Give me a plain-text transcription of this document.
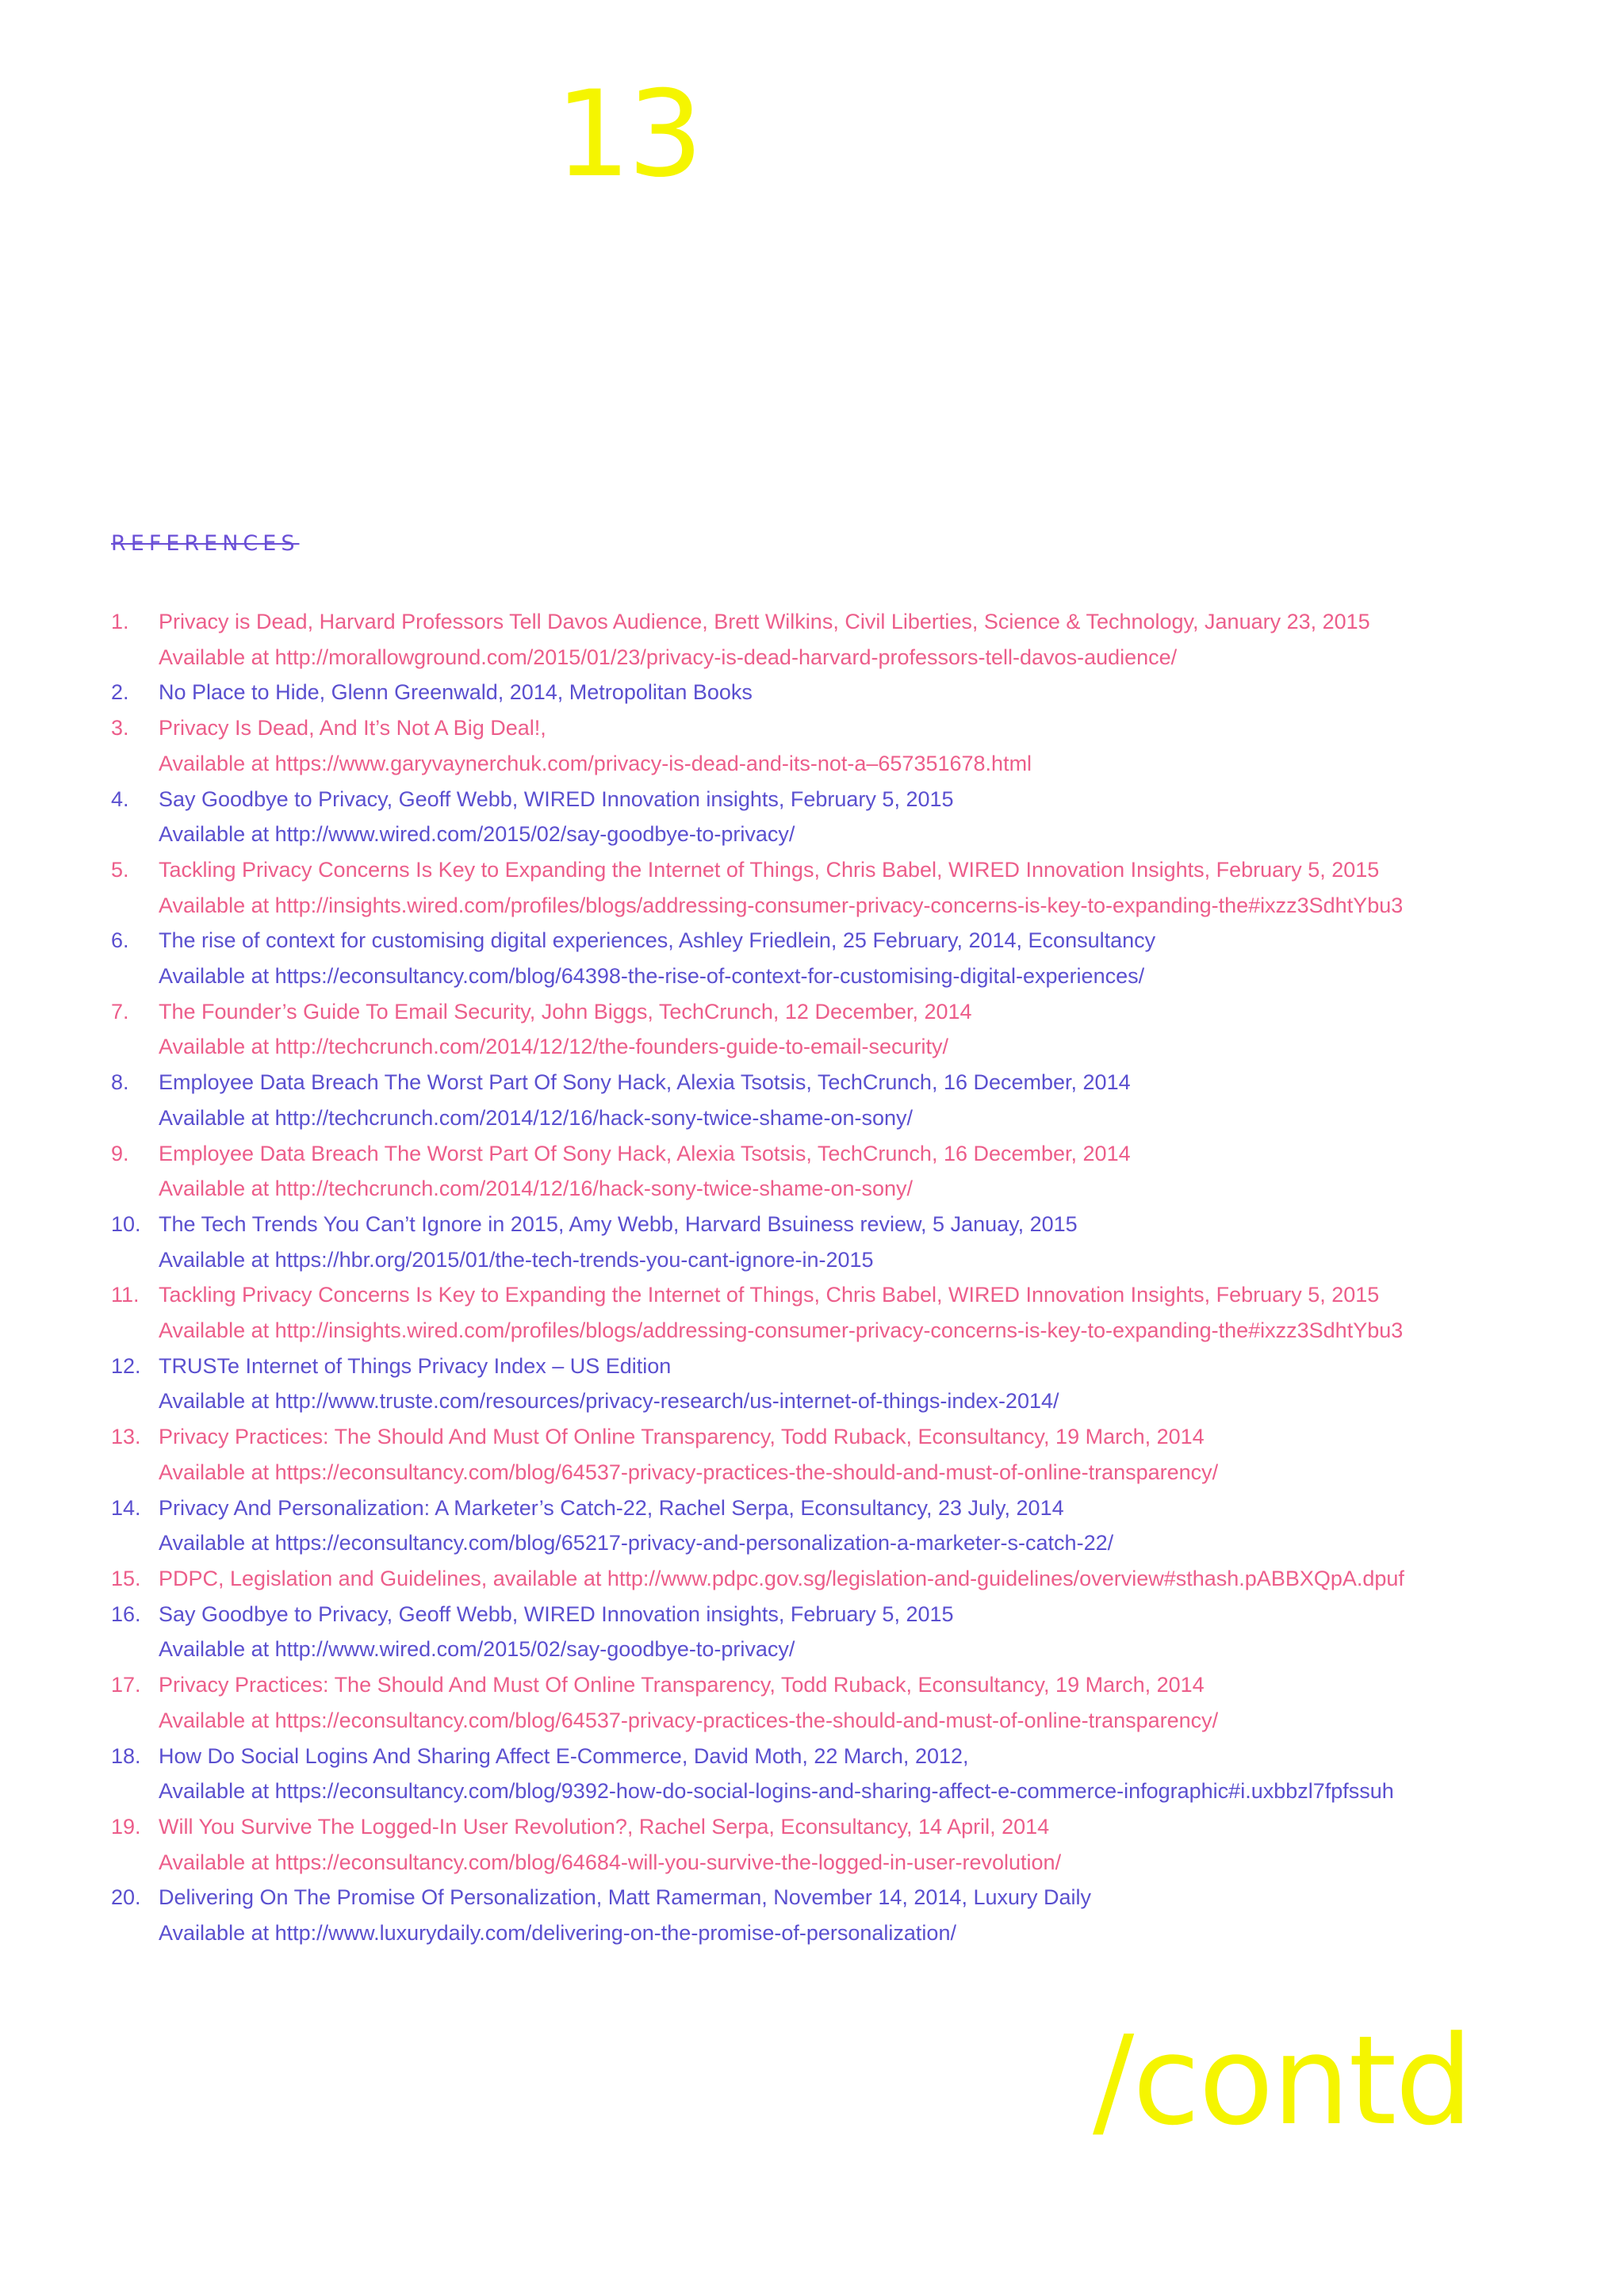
13
REFERENCES
1. Privacy is Dead, Harvard Professors Tell Davos Audience, Brett Wilkins, Civil Liberties, Science & Technology, January 23, 2015
Available at http://morallowground.com/2015/01/23/privacy-is-dead-harvard-professors-tell-davos-audience/
2. No Place to Hide, Glenn Greenwald, 2014, Metropolitan Books
3. Privacy Is Dead, And It’s Not A Big Deal!,
Available at https://www.garyvaynerchuk.com/privacy-is-dead-and-its-not-a–657351678.html
4. Say Goodbye to Privacy, Geoff Webb, WIRED Innovation insights, February 5, 2015
Available at http://www.wired.com/2015/02/say-goodbye-to-privacy/
5. Tackling Privacy Concerns Is Key to Expanding the Internet of Things, Chris Babel, WIRED Innovation Insights, February 5, 2015
Available at http://insights.wired.com/profiles/blogs/addressing-consumer-privacy-concerns-is-key-to-expanding-the#ixzz3SdhtYbu3
6. The rise of context for customising digital experiences, Ashley Friedlein, 25 February, 2014, Econsultancy
Available at https://econsultancy.com/blog/64398-the-rise-of-context-for-customising-digital-experiences/
7. The Founder’s Guide To Email Security, John Biggs, TechCrunch, 12 December, 2014
Available at http://techcrunch.com/2014/12/12/the-founders-guide-to-email-security/
8. Employee Data Breach The Worst Part Of Sony Hack, Alexia Tsotsis, TechCrunch, 16 December, 2014
Available at http://techcrunch.com/2014/12/16/hack-sony-twice-shame-on-sony/
9. Employee Data Breach The Worst Part Of Sony Hack, Alexia Tsotsis, TechCrunch, 16 December, 2014
Available at http://techcrunch.com/2014/12/16/hack-sony-twice-shame-on-sony/
10. The Tech Trends You Can’t Ignore in 2015, Amy Webb, Harvard Bsuiness review, 5 Januay, 2015
Available at https://hbr.org/2015/01/the-tech-trends-you-cant-ignore-in-2015
11. Tackling Privacy Concerns Is Key to Expanding the Internet of Things, Chris Babel, WIRED Innovation Insights, February 5, 2015
Available at http://insights.wired.com/profiles/blogs/addressing-consumer-privacy-concerns-is-key-to-expanding-the#ixzz3SdhtYbu3
12. TRUSTe Internet of Things Privacy Index – US Edition
Available at http://www.truste.com/resources/privacy-research/us-internet-of-things-index-2014/
13. Privacy Practices: The Should And Must Of Online Transparency, Todd Ruback, Econsultancy, 19 March, 2014
Available at https://econsultancy.com/blog/64537-privacy-practices-the-should-and-must-of-online-transparency/
14. Privacy And Personalization: A Marketer’s Catch-22, Rachel Serpa, Econsultancy, 23 July, 2014
Available at https://econsultancy.com/blog/65217-privacy-and-personalization-a-marketer-s-catch-22/
15. PDPC, Legislation and Guidelines, available at http://www.pdpc.gov.sg/legislation-and-guidelines/overview#sthash.pABBXQpA.dpuf
16. Say Goodbye to Privacy, Geoff Webb, WIRED Innovation insights, February 5, 2015
Available at http://www.wired.com/2015/02/say-goodbye-to-privacy/
17. Privacy Practices: The Should And Must Of Online Transparency, Todd Ruback, Econsultancy, 19 March, 2014
Available at https://econsultancy.com/blog/64537-privacy-practices-the-should-and-must-of-online-transparency/
18. How Do Social Logins And Sharing Affect E-Commerce, David Moth, 22 March, 2012,
Available at https://econsultancy.com/blog/9392-how-do-social-logins-and-sharing-affect-e-commerce-infographic#i.uxbbzl7fpfssuh
19. Will You Survive The Logged-In User Revolution?, Rachel Serpa, Econsultancy, 14 April, 2014
Available at https://econsultancy.com/blog/64684-will-you-survive-the-logged-in-user-revolution/
20. Delivering On The Promise Of Personalization, Matt Ramerman, November 14, 2014, Luxury Daily
Available at http://www.luxurydaily.com/delivering-on-the-promise-of-personalization/
/contd
